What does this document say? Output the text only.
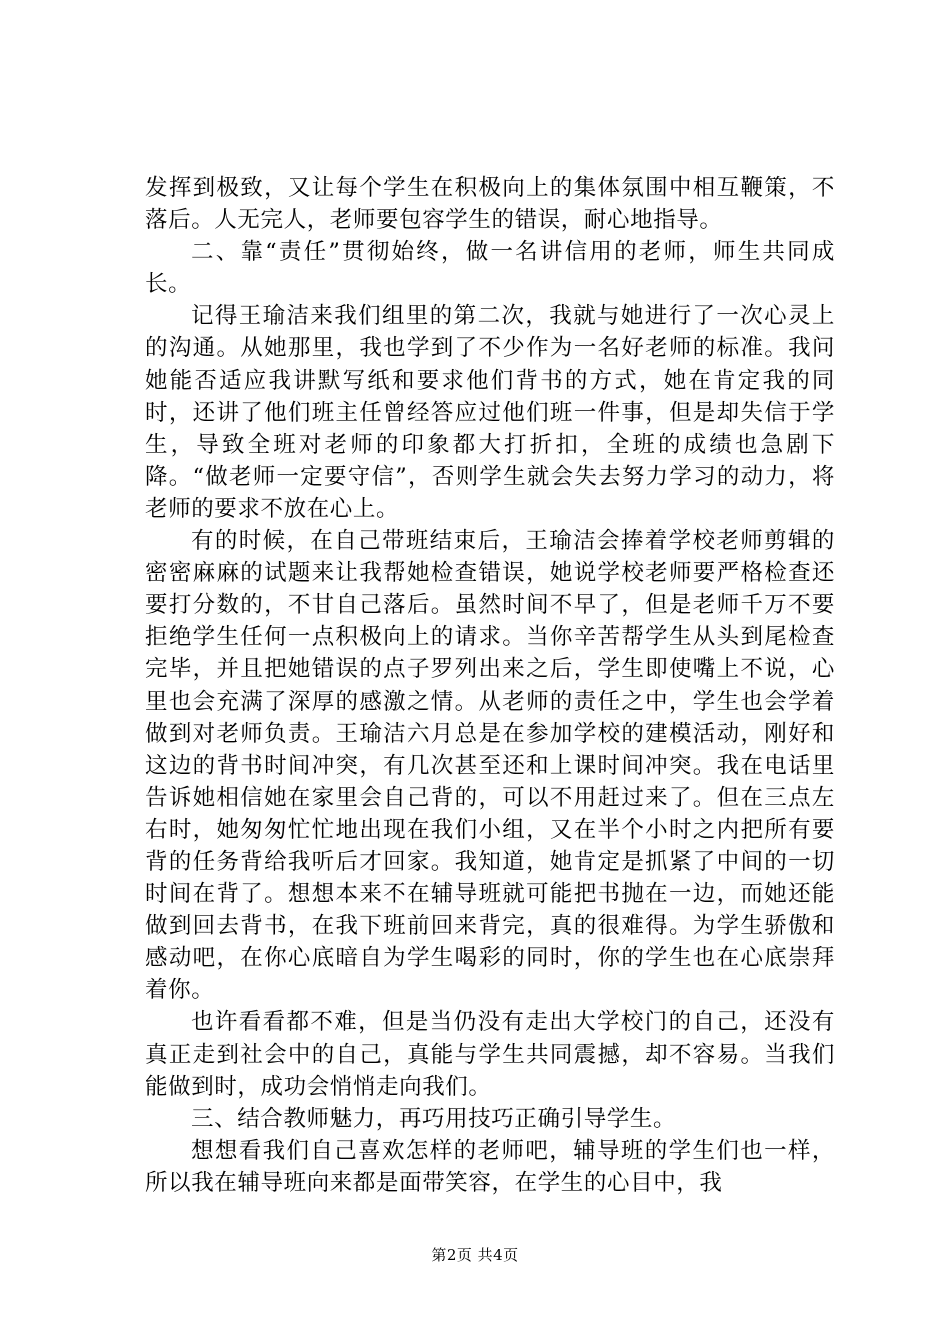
发挥到极致，又让每个学生在积极向上的集体氛围中相互鞭策，不落后。人无完人，老师要包容学生的错误，耐心地指导。

二、靠“责任”贯彻始终，做一名讲信用的老师，师生共同成长。

记得王瑜洁来我们组里的第二次，我就与她进行了一次心灵上的沟通。从她那里，我也学到了不少作为一名好老师的标准。我问她能否适应我讲默写纸和要求他们背书的方式，她在肯定我的同时，还讲了他们班主任曾经答应过他们班一件事，但是却失信于学生，导致全班对老师的印象都大打折扣，全班的成绩也急剧下降。“做老师一定要守信”，否则学生就会失去努力学习的动力，将老师的要求不放在心上。

有的时候，在自己带班结束后，王瑜洁会捧着学校老师剪辑的密密麻麻的试题来让我帮她检查错误，她说学校老师要严格检查还要打分数的，不甘自己落后。虽然时间不早了，但是老师千万不要拒绝学生任何一点积极向上的请求。当你辛苦帮学生从头到尾检查完毕，并且把她错误的点子罗列出来之后，学生即使嘴上不说，心里也会充满了深厚的感激之情。从老师的责任之中，学生也会学着做到对老师负责。王瑜洁六月总是在参加学校的建模活动，刚好和这边的背书时间冲突，有几次甚至还和上课时间冲突。我在电话里告诉她相信她在家里会自己背的，可以不用赶过来了。但在三点左右时，她匆匆忙忙地出现在我们小组，又在半个小时之内把所有要背的任务背给我听后才回家。我知道，她肯定是抓紧了中间的一切时间在背了。想想本来不在辅导班就可能把书抛在一边，而她还能做到回去背书，在我下班前回来背完，真的很难得。为学生骄傲和感动吧，在你心底暗自为学生喝彩的同时，你的学生也在心底崇拜着你。

也许看看都不难，但是当仍没有走出大学校门的自己，还没有真正走到社会中的自己，真能与学生共同震撼，却不容易。当我们能做到时，成功会悄悄走向我们。

三、结合教师魅力，再巧用技巧正确引导学生。

想想看我们自己喜欢怎样的老师吧，辅导班的学生们也一样，所以我在辅导班向来都是面带笑容，在学生的心目中，我

第2页 共4页
